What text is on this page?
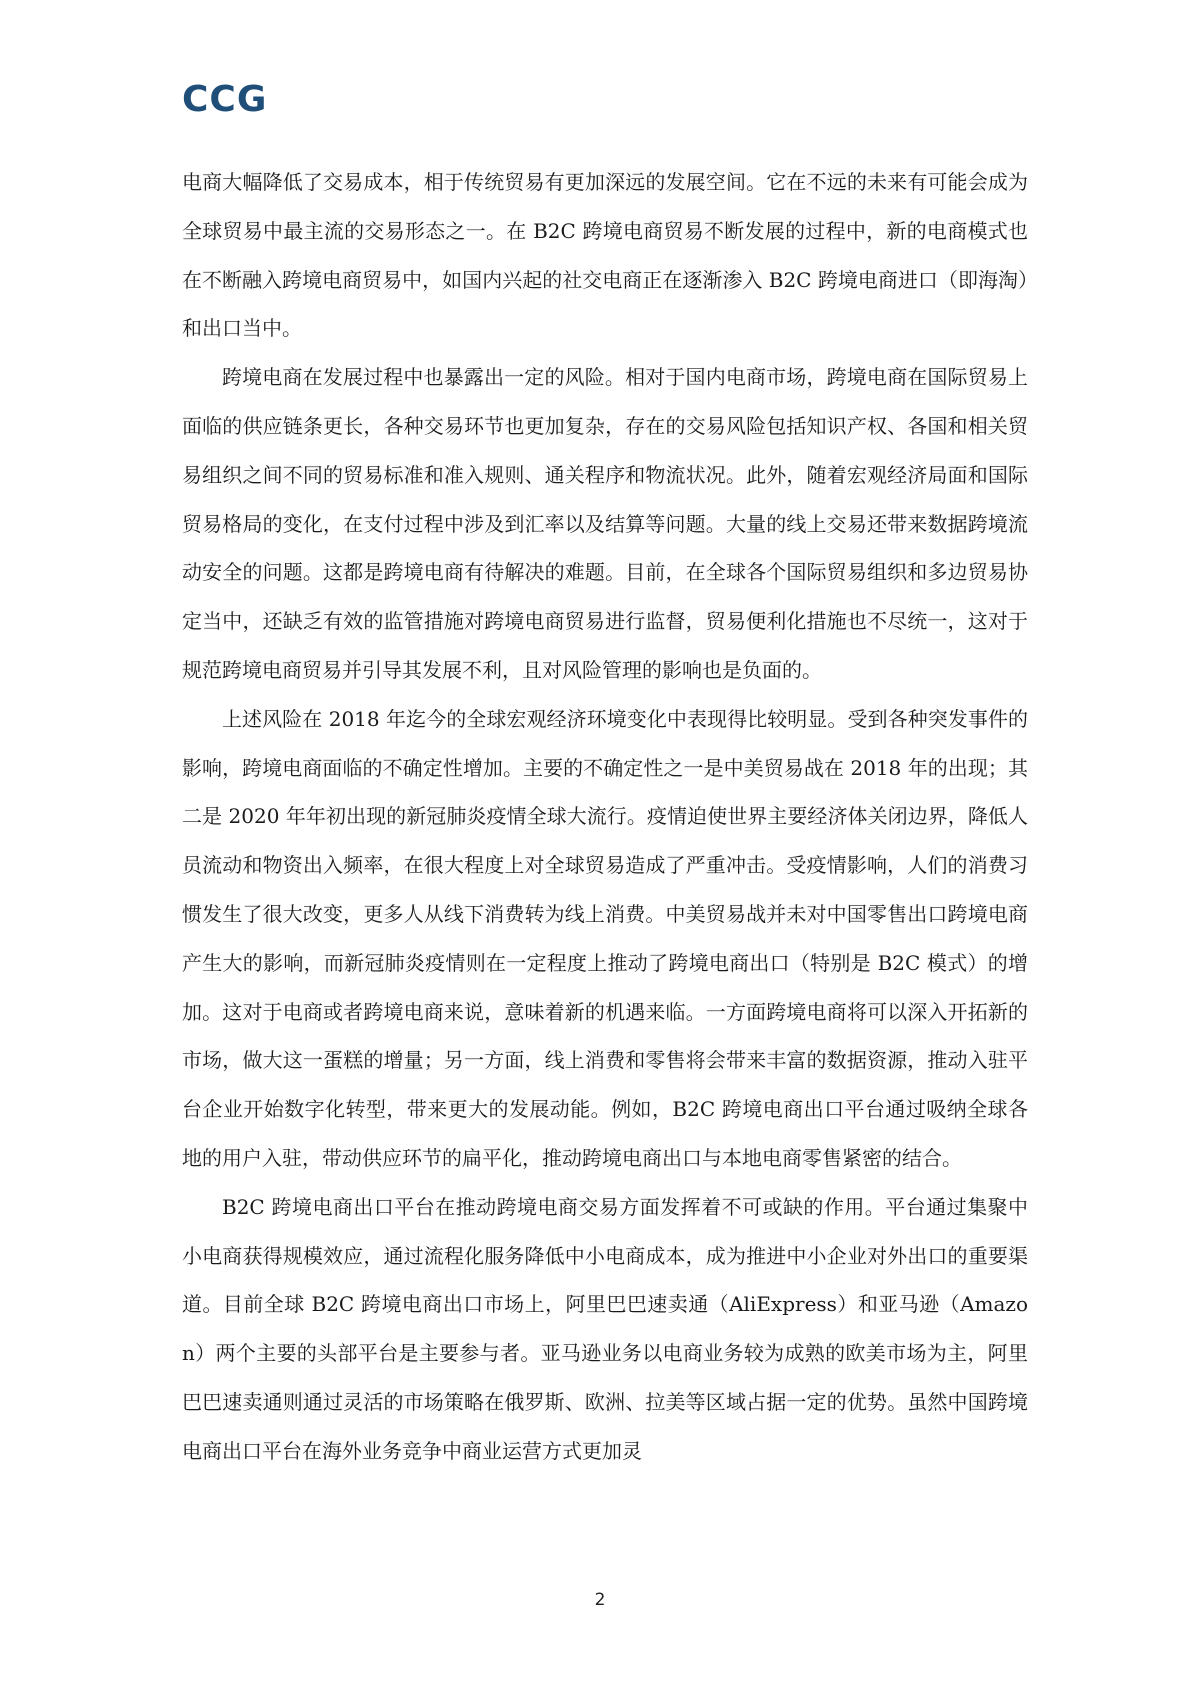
CCG

电商大幅降低了交易成本，相于传统贸易有更加深远的发展空间。它在不远的未来有可能会成为全球贸易中最主流的交易形态之一。在 B2C 跨境电商贸易不断发展的过程中，新的电商模式也在不断融入跨境电商贸易中，如国内兴起的社交电商正在逐渐渗入 B2C 跨境电商进口（即海淘）和出口当中。

跨境电商在发展过程中也暴露出一定的风险。相对于国内电商市场，跨境电商在国际贸易上面临的供应链条更长，各种交易环节也更加复杂，存在的交易风险包括知识产权、各国和相关贸易组织之间不同的贸易标准和准入规则、通关程序和物流状况。此外，随着宏观经济局面和国际贸易格局的变化，在支付过程中涉及到汇率以及结算等问题。大量的线上交易还带来数据跨境流动安全的问题。这都是跨境电商有待解决的难题。目前，在全球各个国际贸易组织和多边贸易协定当中，还缺乏有效的监管措施对跨境电商贸易进行监督，贸易便利化措施也不尽统一，这对于规范跨境电商贸易并引导其发展不利，且对风险管理的影响也是负面的。

上述风险在 2018 年迄今的全球宏观经济环境变化中表现得比较明显。受到各种突发事件的影响，跨境电商面临的不确定性增加。主要的不确定性之一是中美贸易战在 2018 年的出现；其二是 2020 年年初出现的新冠肺炎疫情全球大流行。疫情迫使世界主要经济体关闭边界，降低人员流动和物资出入频率，在很大程度上对全球贸易造成了严重冲击。受疫情影响，人们的消费习惯发生了很大改变，更多人从线下消费转为线上消费。中美贸易战并未对中国零售出口跨境电商产生大的影响，而新冠肺炎疫情则在一定程度上推动了跨境电商出口（特别是 B2C 模式）的增加。这对于电商或者跨境电商来说，意味着新的机遇来临。一方面跨境电商将可以深入开拓新的市场，做大这一蛋糕的增量；另一方面，线上消费和零售将会带来丰富的数据资源，推动入驻平台企业开始数字化转型，带来更大的发展动能。例如，B2C 跨境电商出口平台通过吸纳全球各地的用户入驻，带动供应环节的扁平化，推动跨境电商出口与本地电商零售紧密的结合。

B2C 跨境电商出口平台在推动跨境电商交易方面发挥着不可或缺的作用。平台通过集聚中小电商获得规模效应，通过流程化服务降低中小电商成本，成为推进中小企业对外出口的重要渠道。目前全球 B2C 跨境电商出口市场上，阿里巴巴速卖通（AliExpress）和亚马逊（Amazon）两个主要的头部平台是主要参与者。亚马逊业务以电商业务较为成熟的欧美市场为主，阿里巴巴速卖通则通过灵活的市场策略在俄罗斯、欧洲、拉美等区域占据一定的优势。虽然中国跨境电商出口平台在海外业务竞争中商业运营方式更加灵

2
